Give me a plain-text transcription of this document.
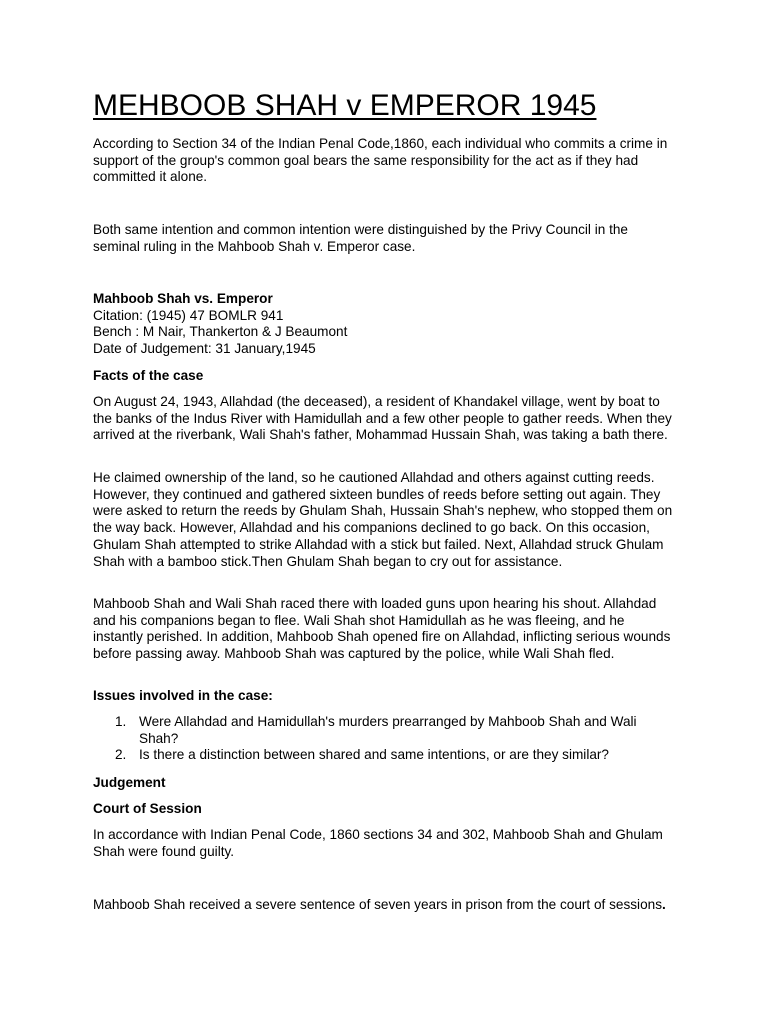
MEHBOOB SHAH v EMPEROR 1945

According to Section 34 of the Indian Penal Code,1860, each individual who commits a crime in support of the group's common goal bears the same responsibility for the act as if they had committed it alone.

Both same intention and common intention were distinguished by the Privy Council in the seminal ruling in the Mahboob Shah v. Emperor case.

Mahboob Shah vs. Emperor
Citation: (1945) 47 BOMLR 941
Bench : M Nair, Thankerton & J Beaumont
Date of Judgement: 31 January,1945

Facts of the case

On August 24, 1943, Allahdad (the deceased), a resident of Khandakel village, went by boat to the banks of the Indus River with Hamidullah and a few other people to gather reeds. When they arrived at the riverbank, Wali Shah's father, Mohammad Hussain Shah, was taking a bath there.

He claimed ownership of the land, so he cautioned Allahdad and others against cutting reeds. However, they continued and gathered sixteen bundles of reeds before setting out again. They were asked to return the reeds by Ghulam Shah, Hussain Shah's nephew, who stopped them on the way back. However, Allahdad and his companions declined to go back. On this occasion, Ghulam Shah attempted to strike Allahdad with a stick but failed. Next, Allahdad struck Ghulam Shah with a bamboo stick.Then Ghulam Shah began to cry out for assistance.

Mahboob Shah and Wali Shah raced there with loaded guns upon hearing his shout. Allahdad and his companions began to flee. Wali Shah shot Hamidullah as he was fleeing, and he instantly perished. In addition, Mahboob Shah opened fire on Allahdad, inflicting serious wounds before passing away. Mahboob Shah was captured by the police, while Wali Shah fled.

Issues involved in the case:

1. Were Allahdad and Hamidullah's murders prearranged by Mahboob Shah and Wali Shah?
2. Is there a distinction between shared and same intentions, or are they similar?

Judgement

Court of Session

In accordance with Indian Penal Code, 1860 sections 34 and 302, Mahboob Shah and Ghulam Shah were found guilty.

Mahboob Shah received a severe sentence of seven years in prison from the court of sessions.
